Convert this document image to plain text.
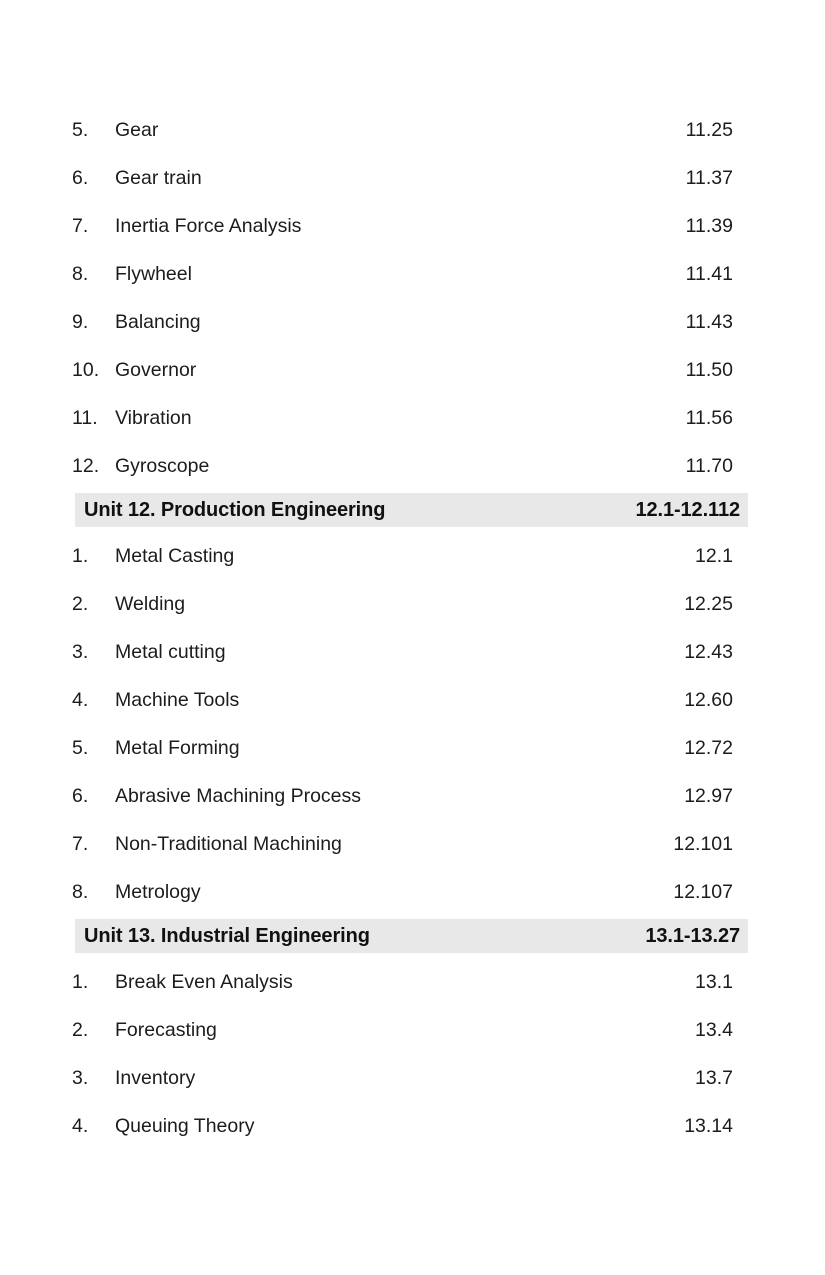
5.	Gear	11.25
6.	Gear train	11.37
7.	Inertia Force Analysis	11.39
8.	Flywheel	11.41
9.	Balancing	11.43
10. Governor	11.50
11. Vibration	11.56
12. Gyroscope	11.70
Unit 12. Production Engineering	12.1-12.112
1.	Metal Casting	12.1
2.	Welding	12.25
3.	Metal cutting	12.43
4.	Machine Tools	12.60
5.	Metal Forming	12.72
6.	Abrasive Machining Process	12.97
7.	Non-Traditional Machining	12.101
8.	Metrology	12.107
Unit 13. Industrial Engineering	13.1-13.27
1.	Break Even Analysis	13.1
2.	Forecasting	13.4
3.	Inventory	13.7
4.	Queuing Theory	13.14
